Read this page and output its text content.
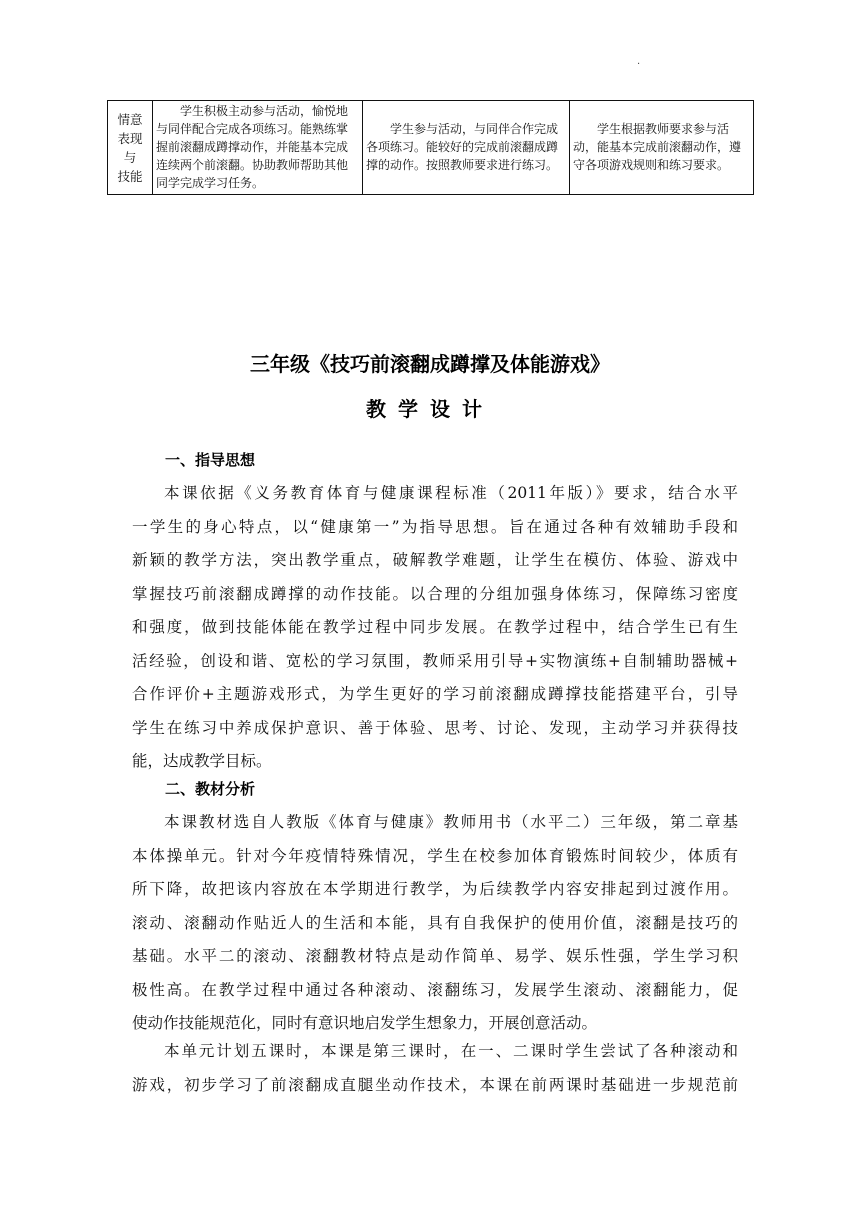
.
情意
表现
与
技能
	学生积极主动参与活动，愉悦地与同伴配合完成各项练习。能熟练掌握前滚翻成蹲撑动作，并能基本完成连续两个前滚翻。协助教师帮助其他同学完成学习任务。	学生参与活动，与同伴合作完成各项练习。能较好的完成前滚翻成蹲撑的动作。按照教师要求进行练习。	学生根据教师要求参与活动，能基本完成前滚翻动作，遵守各项游戏规则和练习要求。
三年级《技巧前滚翻成蹲撑及体能游戏》
教学设计
一、指导思想

本课依据《义务教育体育与健康课程标准（2011年版）》要求，结合水平
一学生的身心特点，以“健康第一”为指导思想。旨在通过各种有效辅助手段和
新颖的教学方法，突出教学重点，破解教学难题，让学生在模仿、体验、游戏中
掌握技巧前滚翻成蹲撑的动作技能。以合理的分组加强身体练习，保障练习密度
和强度，做到技能体能在教学过程中同步发展。在教学过程中，结合学生已有生
活经验，创设和谐、宽松的学习氛围，教师采用引导+实物演练+自制辅助器械+
合作评价+主题游戏形式，为学生更好的学习前滚翻成蹲撑技能搭建平台，引导
学生在练习中养成保护意识、善于体验、思考、讨论、发现，主动学习并获得技
能，达成教学目标。

二、教材分析

本课教材选自人教版《体育与健康》教师用书（水平二）三年级，第二章基
本体操单元。针对今年疫情特殊情况，学生在校参加体育锻炼时间较少，体质有
所下降，故把该内容放在本学期进行教学，为后续教学内容安排起到过渡作用。
滚动、滚翻动作贴近人的生活和本能，具有自我保护的使用价值，滚翻是技巧的
基础。水平二的滚动、滚翻教材特点是动作简单、易学、娱乐性强，学生学习积
极性高。在教学过程中通过各种滚动、滚翻练习，发展学生滚动、滚翻能力，促
使动作技能规范化，同时有意识地启发学生想象力，开展创意活动。

本单元计划五课时，本课是第三课时，在一、二课时学生尝试了各种滚动和
游戏，初步学习了前滚翻成直腿坐动作技术，本课在前两课时基础进一步规范前
